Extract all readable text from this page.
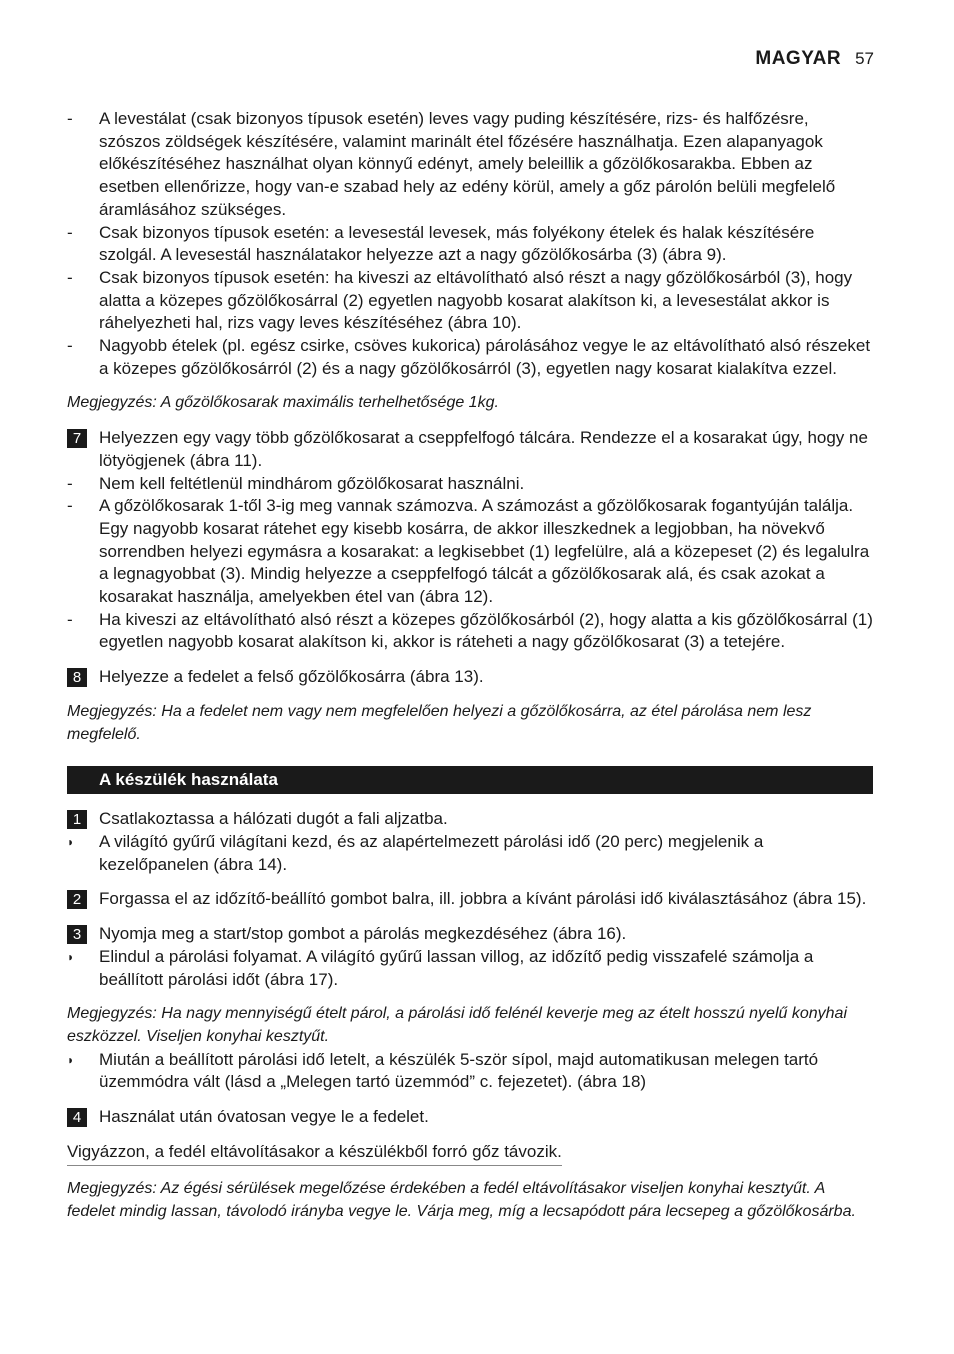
MAGYAR 57
-	A levestálat (csak bizonyos típusok esetén) leves vagy puding készítésére, rizs- és halfőzésre, szószos zöldségek készítésére, valamint marinált étel főzésére használhatja. Ezen alapanyagok előkészítéséhez használhat olyan könnyű edényt, amely beleillik a gőzölőkosarakba. Ebben az esetben ellenőrizze, hogy van-e szabad hely az edény körül, amely a gőz párolón belüli megfelelő áramlásához szükséges.
-	Csak bizonyos típusok esetén: a levesestál levesek, más folyékony ételek és halak készítésére szolgál. A levesestál használatakor helyezze azt a nagy gőzölőkosárba (3) (ábra 9).
-	Csak bizonyos típusok esetén: ha kiveszi az eltávolítható alsó részt a nagy gőzölőkosárból (3), hogy alatta a közepes gőzölőkosárral (2) egyetlen nagyobb kosarat alakítson ki, a levesestálat akkor is ráhelyezheti hal, rizs vagy leves készítéséhez (ábra 10).
-	Nagyobb ételek (pl. egész csirke, csöves kukorica) párolásához vegye le az eltávolítható alsó részeket a közepes gőzölőkosárról (2) és a nagy gőzölőkosárról (3), egyetlen nagy kosarat kialakítva ezzel.
Megjegyzés: A gőzölőkosarak maximális terhelhetősége 1kg.
7	Helyezzen egy vagy több gőzölőkosarat a cseppfelfogó tálcára. Rendezze el a kosarakat úgy, hogy ne lötyögjenek (ábra 11).
-	Nem kell feltétlenül mindhárom gőzölőkosarat használni.
-	A gőzölőkosarak 1-től 3-ig meg vannak számozva. A számozást a gőzölőkosarak fogantyúján találja. Egy nagyobb kosarat rátehet egy kisebb kosárra, de akkor illeszkednek a legjobban, ha növekvő sorrendben helyezi egymásra a kosarakat: a legkisebbet (1) legfelülre, alá a közepeset (2) és legalulra a legnagyobbat (3). Mindig helyezze a cseppfelfogó tálcát a gőzölőkosarak alá, és csak azokat a kosarakat használja, amelyekben étel van (ábra 12).
-	Ha kiveszi az eltávolítható alsó részt a közepes gőzölőkosárból (2), hogy alatta a kis gőzölőkosárral (1) egyetlen nagyobb kosarat alakítson ki, akkor is ráteheti a nagy gőzölőkosarat (3) a tetejére.
8	Helyezze a fedelet a felső gőzölőkosárra (ábra 13).
Megjegyzés: Ha a fedelet nem vagy nem megfelelően helyezi a gőzölőkosárra, az étel párolása nem lesz megfelelő.
A készülék használata
1	Csatlakoztassa a hálózati dugót a fali aljzatba.
◗	A világító gyűrű világítani kezd, és az alapértelmezett párolási idő (20 perc) megjelenik a kezelőpanelen (ábra 14).
2	Forgassa el az időzítő-beállító gombot balra, ill. jobbra a kívánt párolási idő kiválasztásához (ábra 15).
3	Nyomja meg a start/stop gombot a párolás megkezdéséhez (ábra 16).
◗	Elindul a párolási folyamat. A világító gyűrű lassan villog, az időzítő pedig visszafelé számolja a beállított párolási időt (ábra 17).
Megjegyzés: Ha nagy mennyiségű ételt párol, a párolási idő felénél keverje meg az ételt hosszú nyelű konyhai eszközzel. Viseljen konyhai kesztyűt.
◗	Miután a beállított párolási idő letelt, a készülék 5-ször sípol, majd automatikusan melegen tartó üzemmódra vált (lásd a „Melegen tartó üzemmód” c. fejezetet). (ábra 18)
4	Használat után óvatosan vegye le a fedelet.
Vigyázzon, a fedél eltávolításakor a készülékből forró gőz távozik.
Megjegyzés: Az égési sérülések megelőzése érdekében a fedél eltávolításakor viseljen konyhai kesztyűt. A fedelet mindig lassan, távolodó irányba vegye le. Várja meg, míg a lecsapódott pára lecsepeg a gőzölőkosárba.
